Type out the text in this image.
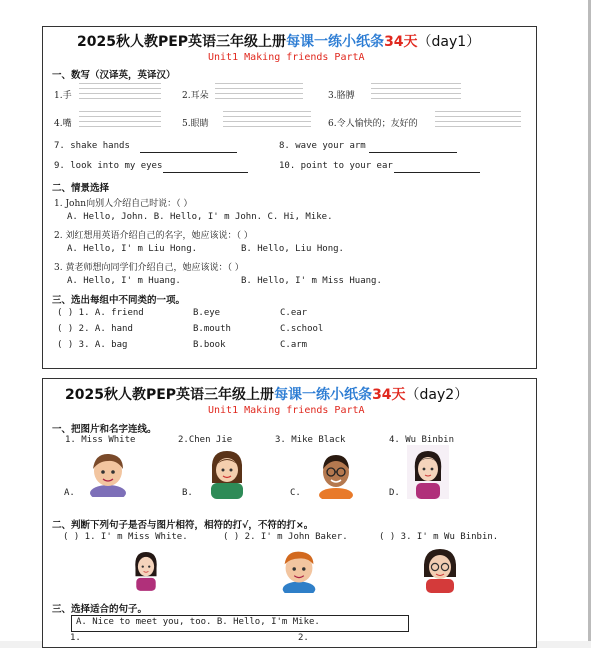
2025秋人教PEP英语三年级上册每课一练小纸条34天（day1）
Unit1 Making friends PartA
一、数写（汉译英，英译汉）
1.手	2.耳朵	3.胳膊
4.嘴	5.眼睛	6.令人愉快的；友好的
7. shake hands	8. wave your arm
9. look into my eyes	10. point to your ear
二、情景选择
1. John向别人介绍自己时说：（ ）
A. Hello, John. B. Hello, I' m John. C. Hi, Mike.
2. 刘红想用英语介绍自己的名字，她应该说：（ ）
A. Hello, I' m Liu Hong.	B. Hello, Liu Hong.
3. 黄老师想向同学们介绍自己，她应该说：（ ）
A. Hello, I' m Huang.	B. Hello, I' m Miss Huang.
三、选出每组中不同类的一项。
( ) 1. A. friend	B.eye	C.ear
( ) 2. A. hand	B.mouth	C.school
( ) 3. A. bag	B.book	C.arm
2025秋人教PEP英语三年级上册每课一练小纸条34天（day2）
Unit1 Making friends PartA
一、把图片和名字连线。
1. Miss White	2.Chen Jie	3. Mike Black	4. Wu Binbin
A.	B.	C.	D.
二、判断下列句子是否与图片相符，相符的打√，不符的打×。
( ) 1. I' m Miss White.	( ) 2. I' m John Baker.	( ) 3. I' m Wu Binbin.
三、选择适合的句子。
A. Nice to meet you, too. B. Hello, I'm Mike.
1.	2.
